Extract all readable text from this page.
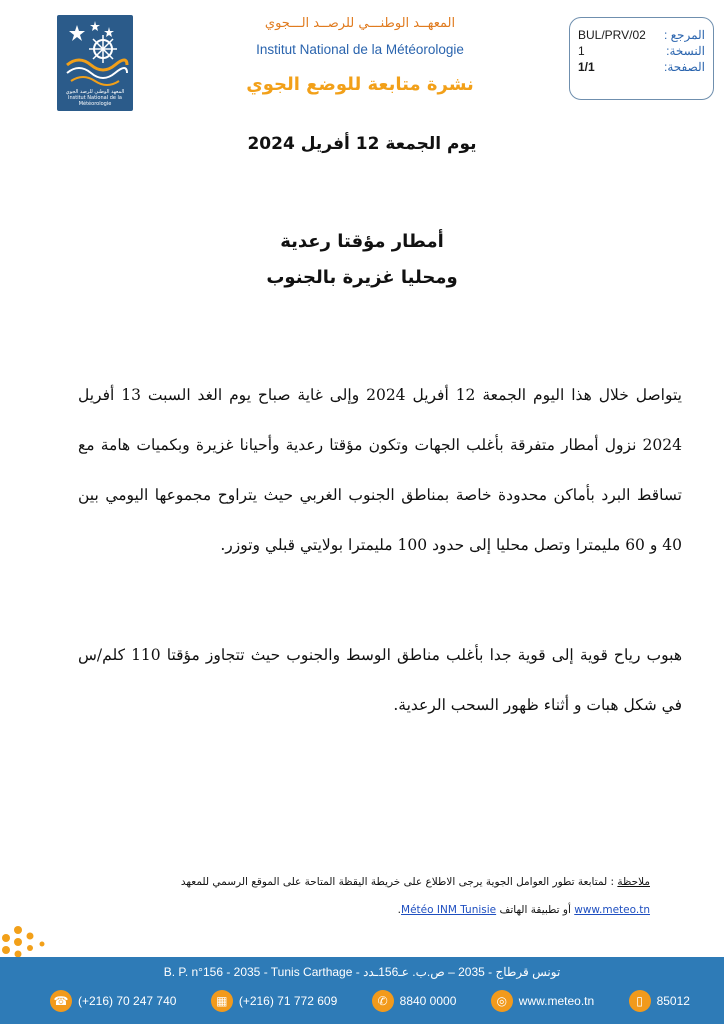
المعهد الوطني للرصد الجوي
Institut National de la Météorologie
المعهــد الوطنـــي للرصــد الـــجوي
Institut National de la Météorologie
نشرة متابعة للوضع الجوي
المرجع :
BUL/PRV/02
النسخة:
1
الصفحة:
1/1
يوم الجمعة 12 أفريل 2024
أمطار مؤقتا رعدية
ومحليا غزيرة بالجنوب

يتواصل خلال هذا اليوم الجمعة 12 أفريل 2024 وإلى غاية صباح يوم الغد السبت 13 أفريل 2024 نزول أمطار متفرقة بأغلب الجهات وتكون مؤقتا رعدية وأحيانا غزيرة وبكميات هامة مع تساقط البرد بأماكن محدودة خاصة بمناطق الجنوب الغربي حيث يتراوح مجموعها اليومي بين 40 و 60 مليمترا وتصل محليا إلى حدود 100 مليمترا بولايتي قبلي وتوزر.

هبوب رياح قوية إلى قوية جدا بأغلب مناطق الوسط والجنوب حيث تتجاوز مؤقتا 110 كلم/س في شكل هبات و أثناء ظهور السحب الرعدية.

ملاحظة : لمتابعة تطور العوامل الجوية يرجى الاطلاع على خريطة اليقظة المتاحة على الموقع الرسمي للمعهد
www.meteo.tn أو تطبيقة الهاتف Météo INM Tunisie.
B. P. n°156 - 2035 - Tunis Carthage - تونس قرطاج - 2035 – ص.ب. عـ156ـدد
☎ (+216) 70 247 740	▦ (+216) 71 772 609	✆ 8840 0000	◎ www.meteo.tn	▯	85012
